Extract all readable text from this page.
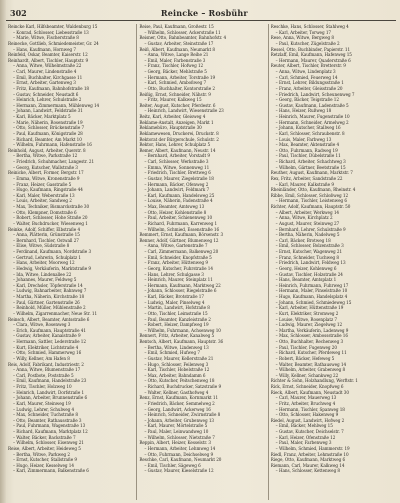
302	Reincke – Rosbühr
Reincke Karl, Hilfsbeamter, Waldenburg 15
– Konrad, Schlosser, Liebesstraße 13
– Marie, Witwe, Fischerstraße 8
Reinecke, Gottlieb, Schmiedemeister, Gr. 24
– Hans, Kaufmann, Hornweg 7
Reinfeld, Oskar, Beamter, Kaiserstr. 12
Reinhardt, Albert, Tischler, Hauptstr. 9
– Anna, Witwe, Wilhelmstraße 22
– Carl, Maurer, Lindenstraße 4
– Emil, Buchhalter, Kirchgasse 11
– Ernst, Arbeiter, Gartenweg 3
– Fritz, Kaufmann, Bahnhofstraße 18
– Gustav, Schneider, Neustadt 6
– Heinrich, Lehrer, Schulstraße 2
– Hermann, Zimmermann, Mühlenweg 14
– Johann, Landwirt, Feldstraße 31
– Karl, Bäcker, Marktplatz 5
– Marie, Näherin, Rosenstraße 19
– Otto, Schlosser, Brückenstraße 7
– Paul, Kaufmann, Königstraße 28
– Richard, Beamter, Am Markt 10
– Wilhelm, Fuhrmann, Hafenstraße 16
Reinhold, August, Arbeiter, Querstr. 8
– Bertha, Witwe, Parkstraße 12
– Friedrich, Schuhmacher, Langestr. 21
– Georg, Kutscher, Wallstraße 3
Reinicke, Albert, Former, Bergstr. 17
– Emma, Witwe, Kronenstraße 9
– Franz, Heizer, Gasstraße 5
– Hugo, Kaufmann, Ringstraße 44
– Karl, Maler, Weberstraße 13
– Louis, Arbeiter, Sandweg 2
– Max, Techniker, Bismarckstraße 30
– Otto, Klempner, Domstraße 6
– Robert, Schlosser, Hohe Straße 20
– Walter, Buchdrucker, Wiesenweg 1
Reinke, Adolf, Schiffer, Elbstraße 4
– Anna, Plätterin, Grünstraße 15
– Bernhard, Tischler, Ostwall 27
– Elise, Witwe, Südstraße 8
– Ferdinand, Kaufmann, Nordstraße 3
– Gertrud, Lehrerin, Schulplatz 1
– Hans, Arbeiter, Moorweg 12
– Hedwig, Verkäuferin, Marktstraße 9
– Ida, Witwe, Lindenallee 22
– Johannes, Maurer, Feldweg 5
– Karl, Drechsler, Töpferstraße 14
– Ludwig, Bahnarbeiter, Bahnweg 7
– Martha, Näherin, Kirchstraße 18
– Paul, Gärtner, Gartenstraße 26
– Reinhold, Müller, Mühlenstraße 2
– Wilhelm, Zigarrenmacher, Neue Str. 11
Reinsch, Albert, Beamter, Amtsstraße 6
– Clara, Witwe, Rosenweg 3
– Erich, Kaufmann, Hauptstraße 41
– Gustav, Arbeiter, Kanalstraße 9
– Hermann, Sattler, Lederstraße 12
– Kurt, Elektriker, Lichtstraße 4
– Otto, Schmied, Hammerweg 16
– Willy, Kellner, Am Hafen 8
Reis, Adolf, Fabrikant, Industriestr. 2
– Anna, Witwe, Blumenstraße 17
– Carl, Postbote, Poststraße 5
– Emil, Kaufmann, Handelstraße 23
– Fritz, Tischler, Holzweg 10
– Heinrich, Landwirt, Dorfstraße 1
– Johann, Arbeiter, Brunnenstraße 6
– Karl, Maurer, Steinweg 19
– Ludwig, Lehrer, Schulweg 4
– Max, Schneider, Tuchstraße 8
– Otto, Beamter, Rathausstraße 3
– Paul, Fuhrmann, Wagenstraße 13
– Richard, Kaufmann, Marktplatz 12
– Walter, Bäcker, Backstraße 7
– Wilhelm, Schlosser, Eisenweg 21
Reise, Albert, Arbeiter, Heideweg 5
– Bertha, Witwe, Parkweg 2
– Ernst, Kutscher, Stallstraße 9
– Hugo, Heizer, Kesselweg 14
– Karl, Zimmermann, Balkenstraße 6
Reise, Paul, Kaufmann, Großestr. 15
– Wilhelm, Schlosser, Ackerstraße 11
Reisner, Otto, Bahnbeamter, Bahnhofstr. 4
– Gustav, Arbeiter, Steinstraße 17
Reiß, Albert, Kaufmann, Neumarkt 8
– Anna, Witwe, Lange Reihe 21
– Emil, Maler, Farbenstraße 3
– Franz, Tischler, Hofweg 12
– Georg, Bäcker, Mehlstraße 5
– Hermann, Arbeiter, Torstraße 19
– Karl, Schmied, Amboßweg 7
– Otto, Buchhalter, Kontorstraße 2
Reißig, Ernst, Schneider, Nähstr. 9
– Fritz, Maurer, Kalkweg 15
Reiter, August, Kutscher, Pferdestr. 6
– Heinrich, Landwirt, Wiesenstraße 23
Reitz, Karl, Arbeiter, Gleisweg 4
Reklame-Anstalt, Anzeigen, Markt 1
Reklamebüro, Hauptstraße 30
Reklamewesen, Druckerei, Druckstr. 8
Rektorat der Bürgerschule, Schulstr. 2
Rektor, Hans, Lehrer, Schulplatz 5
Remer, Albert, Kaufmann, Neustr. 14
– Bernhard, Arbeiter, Vorstadt 9
– Carl, Schlosser, Werkstraße 3
– Emma, Witwe, Sonnenweg 11
– Friedrich, Tischler, Brettweg 6
– Gustav, Maurer, Ziegelstraße 18
– Hermann, Bäcker, Ofenweg 2
– Johann, Landwirt, Feldmark 7
– Karl, Kaufmann, Handelsweg 25
– Louise, Näherin, Fadenstraße 4
– Max, Beamter, Amtsweg 13
– Otto, Heizer, Kohlenstraße 8
– Paul, Arbeiter, Schienenweg 10
– Richard, Fuhrmann, Karrenweg 1
– Wilhelm, Schmied, Essenstraße 16
Remmert, Ernst, Kaufmann, Börsenstr. 3
Renner, Adolf, Gärtner, Blumenweg 12
– Anna, Witwe, Gartenstraße 7
– Carl, Zimmermann, Balkenweg 20
– Emil, Schneider, Knopfstraße 5
– Franz, Arbeiter, Hüttenweg 9
– Georg, Kutscher, Fuhrstraße 14
– Hans, Lehrer, Schulgasse 3
– Heinrich, Maurer, Steinplatz 11
– Hermann, Kaufmann, Marktweg 22
– Johann, Schlosser, Riegelstraße 6
– Karl, Bäcker, Brotstraße 17
– Ludwig, Maler, Pinselweg 4
– Martin, Landwirt, Hofstraße 8
– Otto, Tischler, Leimstraße 15
– Paul, Beamter, Kanzleistraße 2
– Robert, Heizer, Dampfweg 19
– Wilhelm, Fuhrmann, Achsenweg 10
Rennert, Fritz, Arbeiter, Kanalweg 5
Rentsch, Albert, Kaufmann, Hauptstr. 36
– Bertha, Witwe, Lindenweg 13
– Emil, Schmied, Hufweg 7
– Gustav, Maurer, Kellerstraße 21
– Hugo, Schlosser, Feilenweg 3
– Karl, Tischler, Hobelstraße 12
– Max, Arbeiter, Bahndamm 6
– Otto, Kutscher, Peitschenweg 18
– Richard, Buchdrucker, Satzstraße 9
– Walter, Kellner, Gasthofweg 4
Renz, Ernst, Kaufmann, Kornmarkt 11
– Friedrich, Bäcker, Semmelweg 2
– Georg, Landwirt, Ackerweg 16
– Heinrich, Schneider, Zwirnstraße 8
– Johann, Arbeiter, Grubenweg 13
– Karl, Maurer, Mörtelstraße 5
– Paul, Maler, Leinwandweg 10
– Wilhelm, Schlosser, Nietstraße 7
Reppin, Albert, Heizer, Kesselstr. 3
– Hermann, Arbeiter, Lehmweg 14
– Otto, Fuhrmann, Deichselweg 9
Reschke, Carl, Kaufmann, Neumarkt 20
– Emil, Tischler, Sägeweg 6
– Gustav, Maurer, Kieselstraße 12
Reschke, Hans, Schlosser, Stahlweg 4
– Karl, Arbeiter, Torweg 17
Rese, Anna, Witwe, Bergweg 8
– Paul, Kutscher, Zügelstraße 2
Ressel, Otto, Buchbinder, Papierstr. 11
Retzlaff, Emil, Kaufmann, Hafenweg 15
– Hermann, Maurer, Quaderstraße 6
Reuter, Albert, Tischler, Bretterstr. 9
– Anna, Witwe, Lindenplatz 3
– Carl, Schmied, Feuerweg 14
– Ernst, Lehrer, Bildungsstraße 1
– Franz, Arbeiter, Gleisstraße 20
– Friedrich, Landwirt, Scheunenweg 7
– Georg, Bäcker, Teigstraße 12
– Gustav, Kaufmann, Ladenstraße 5
– Hans, Heizer, Rußweg 18
– Heinrich, Maurer, Fugenstraße 10
– Hermann, Schneider, Ärmelweg 2
– Johann, Kutscher, Stallweg 16
– Karl, Schlosser, Schraubenstr. 8
– Louis, Maler, Farbweg 13
– Max, Beamter, Aktenstraße 4
– Otto, Fuhrmann, Radweg 19
– Paul, Tischler, Dübelstraße 11
– Richard, Arbeiter, Schachtweg 3
– Wilhelm, Gärtner, Beetstraße 15
Reuther, August, Kaufmann, Marktstr. 7
Rex, Fritz, Arbeiter, Sandstraße 22
– Karl, Maurer, Kalkstraße 9
Rheinländer, Otto, Kaufmann, Rheinstr. 4
Ribbe, Emil, Schlosser, Schloßweg 12
– Hermann, Tischler, Leistenweg 6
Richter, Adolf, Kaufmann, Hauptstr. 50
– Albert, Arbeiter, Werkweg 14
– Anna, Witwe, Kirchplatz 2
– August, Maurer, Steinweg 27
– Bernhard, Lehrer, Schulstraße 9
– Bertha, Näherin, Nadelweg 5
– Carl, Bäcker, Brotweg 18
– Emil, Schlosser, Bolzenstraße 3
– Ernst, Kutscher, Wagenweg 21
– Franz, Schneider, Tuchweg 8
– Friedrich, Landwirt, Feldweg 13
– Georg, Heizer, Kohlenweg 6
– Gustav, Tischler, Holzstraße 24
– Hans, Beamter, Amtsplatz 1
– Heinrich, Fuhrmann, Fuhrweg 17
– Hermann, Maler, Pinselstraße 10
– Hugo, Kaufmann, Handelsplatz 4
– Johann, Schmied, Schmiedeweg 15
– Karl, Arbeiter, Hüttenstraße 19
– Kurt, Elektriker, Stromweg 2
– Louise, Witwe, Rosenplatz 7
– Ludwig, Maurer, Ziegelweg 12
– Martha, Verkäuferin, Ladenweg 9
– Max, Schlosser, Ambossstraße 16
– Otto, Buchhalter, Rechenweg 3
– Paul, Tischler, Fugenweg 20
– Richard, Kutscher, Pferdeweg 11
– Robert, Bäcker, Hefeweg 5
– Walter, Beamter, Rathausweg 14
– Wilhelm, Arbeiter, Grabenweg 8
– Willy, Kellner, Schankweg 22
Richter & Sohn, Holzhandlung, Werftstr. 1
Rick, Ernst, Schneider, Knopfweg 6
Rieck, Albert, Kaufmann, Neustadt 30
– Carl, Maurer, Mauerweg 13
– Fritz, Arbeiter, Bruchweg 4
– Hermann, Tischler, Spanweg 18
– Otto, Schlosser, Hakenweg 9
Riedel, August, Landwirt, Hofweg 2
– Emil, Bäcker, Mehlweg 15
– Gustav, Kutscher, Deichselstr. 7
– Karl, Heizer, Ofenstraße 12
– Paul, Maler, Farbenweg 3
– Wilhelm, Schmied, Hammerstr. 19
Riedl, Franz, Arbeiter, Lehmstraße 10
Riege, Otto, Kaufmann, Marktweg 6
Riemann, Carl, Maurer, Kalkweg 14
– Hans, Schlosser, Kettenweg 8
